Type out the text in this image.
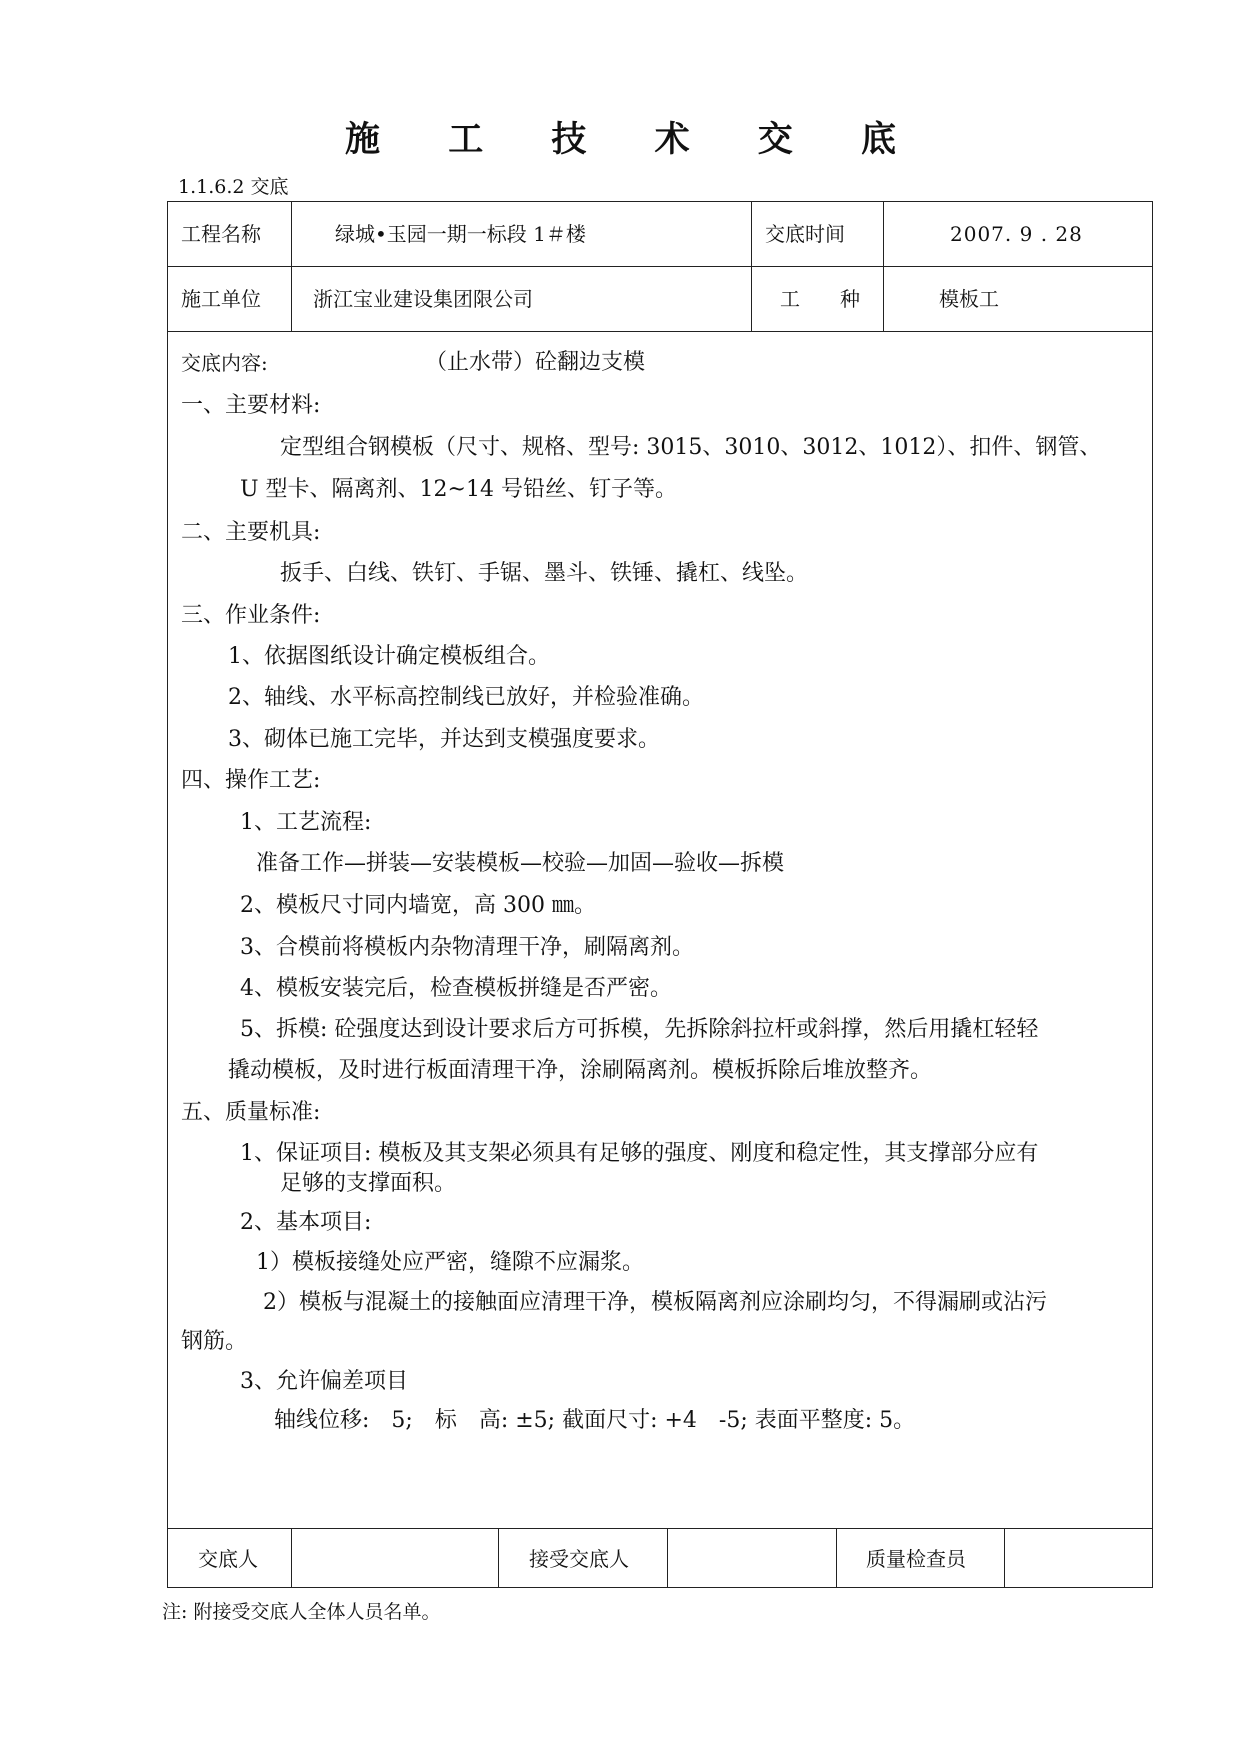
施 工 技 术 交 底
1.1.6.2 交底
工程名称	绿城•玉园一期一标段 1＃楼	交底时间	2007. 9 . 28
施工单位	浙江宝业建设集团限公司	工　　种	模板工
交底内容:	（止水带）砼翻边支模
一、主要材料:
定型组合钢模板（尺寸、规格、型号: 3015、3010、3012、1012）、扣件、钢管、
U 型卡、隔离剂、12~14 号铅丝、钉子等。
二、主要机具:
扳手、白线、铁钉、手锯、墨斗、铁锤、撬杠、线坠。
三、作业条件:
1、依据图纸设计确定模板组合。
2、轴线、水平标高控制线已放好，并检验准确。
3、砌体已施工完毕，并达到支模强度要求。
四、操作工艺:
1、工艺流程:
准备工作—拼装—安装模板—校验—加固—验收—拆模
2、模板尺寸同内墙宽，高 300 ㎜。
3、合模前将模板内杂物清理干净，刷隔离剂。
4、模板安装完后，检查模板拼缝是否严密。
5、拆模: 砼强度达到设计要求后方可拆模，先拆除斜拉杆或斜撑，然后用撬杠轻轻
撬动模板，及时进行板面清理干净，涂刷隔离剂。模板拆除后堆放整齐。
五、质量标准:
1、保证项目: 模板及其支架必须具有足够的强度、刚度和稳定性，其支撑部分应有
足够的支撑面积。
2、基本项目:
1）模板接缝处应严密，缝隙不应漏浆。
2）模板与混凝土的接触面应清理干净，模板隔离剂应涂刷均匀，不得漏刷或沾污
钢筋。
3、允许偏差项目
轴线位移:　5;　标　高: ±5; 截面尺寸: +4　-5; 表面平整度: 5。
交底人	接受交底人	质量检查员
注: 附接受交底人全体人员名单。
